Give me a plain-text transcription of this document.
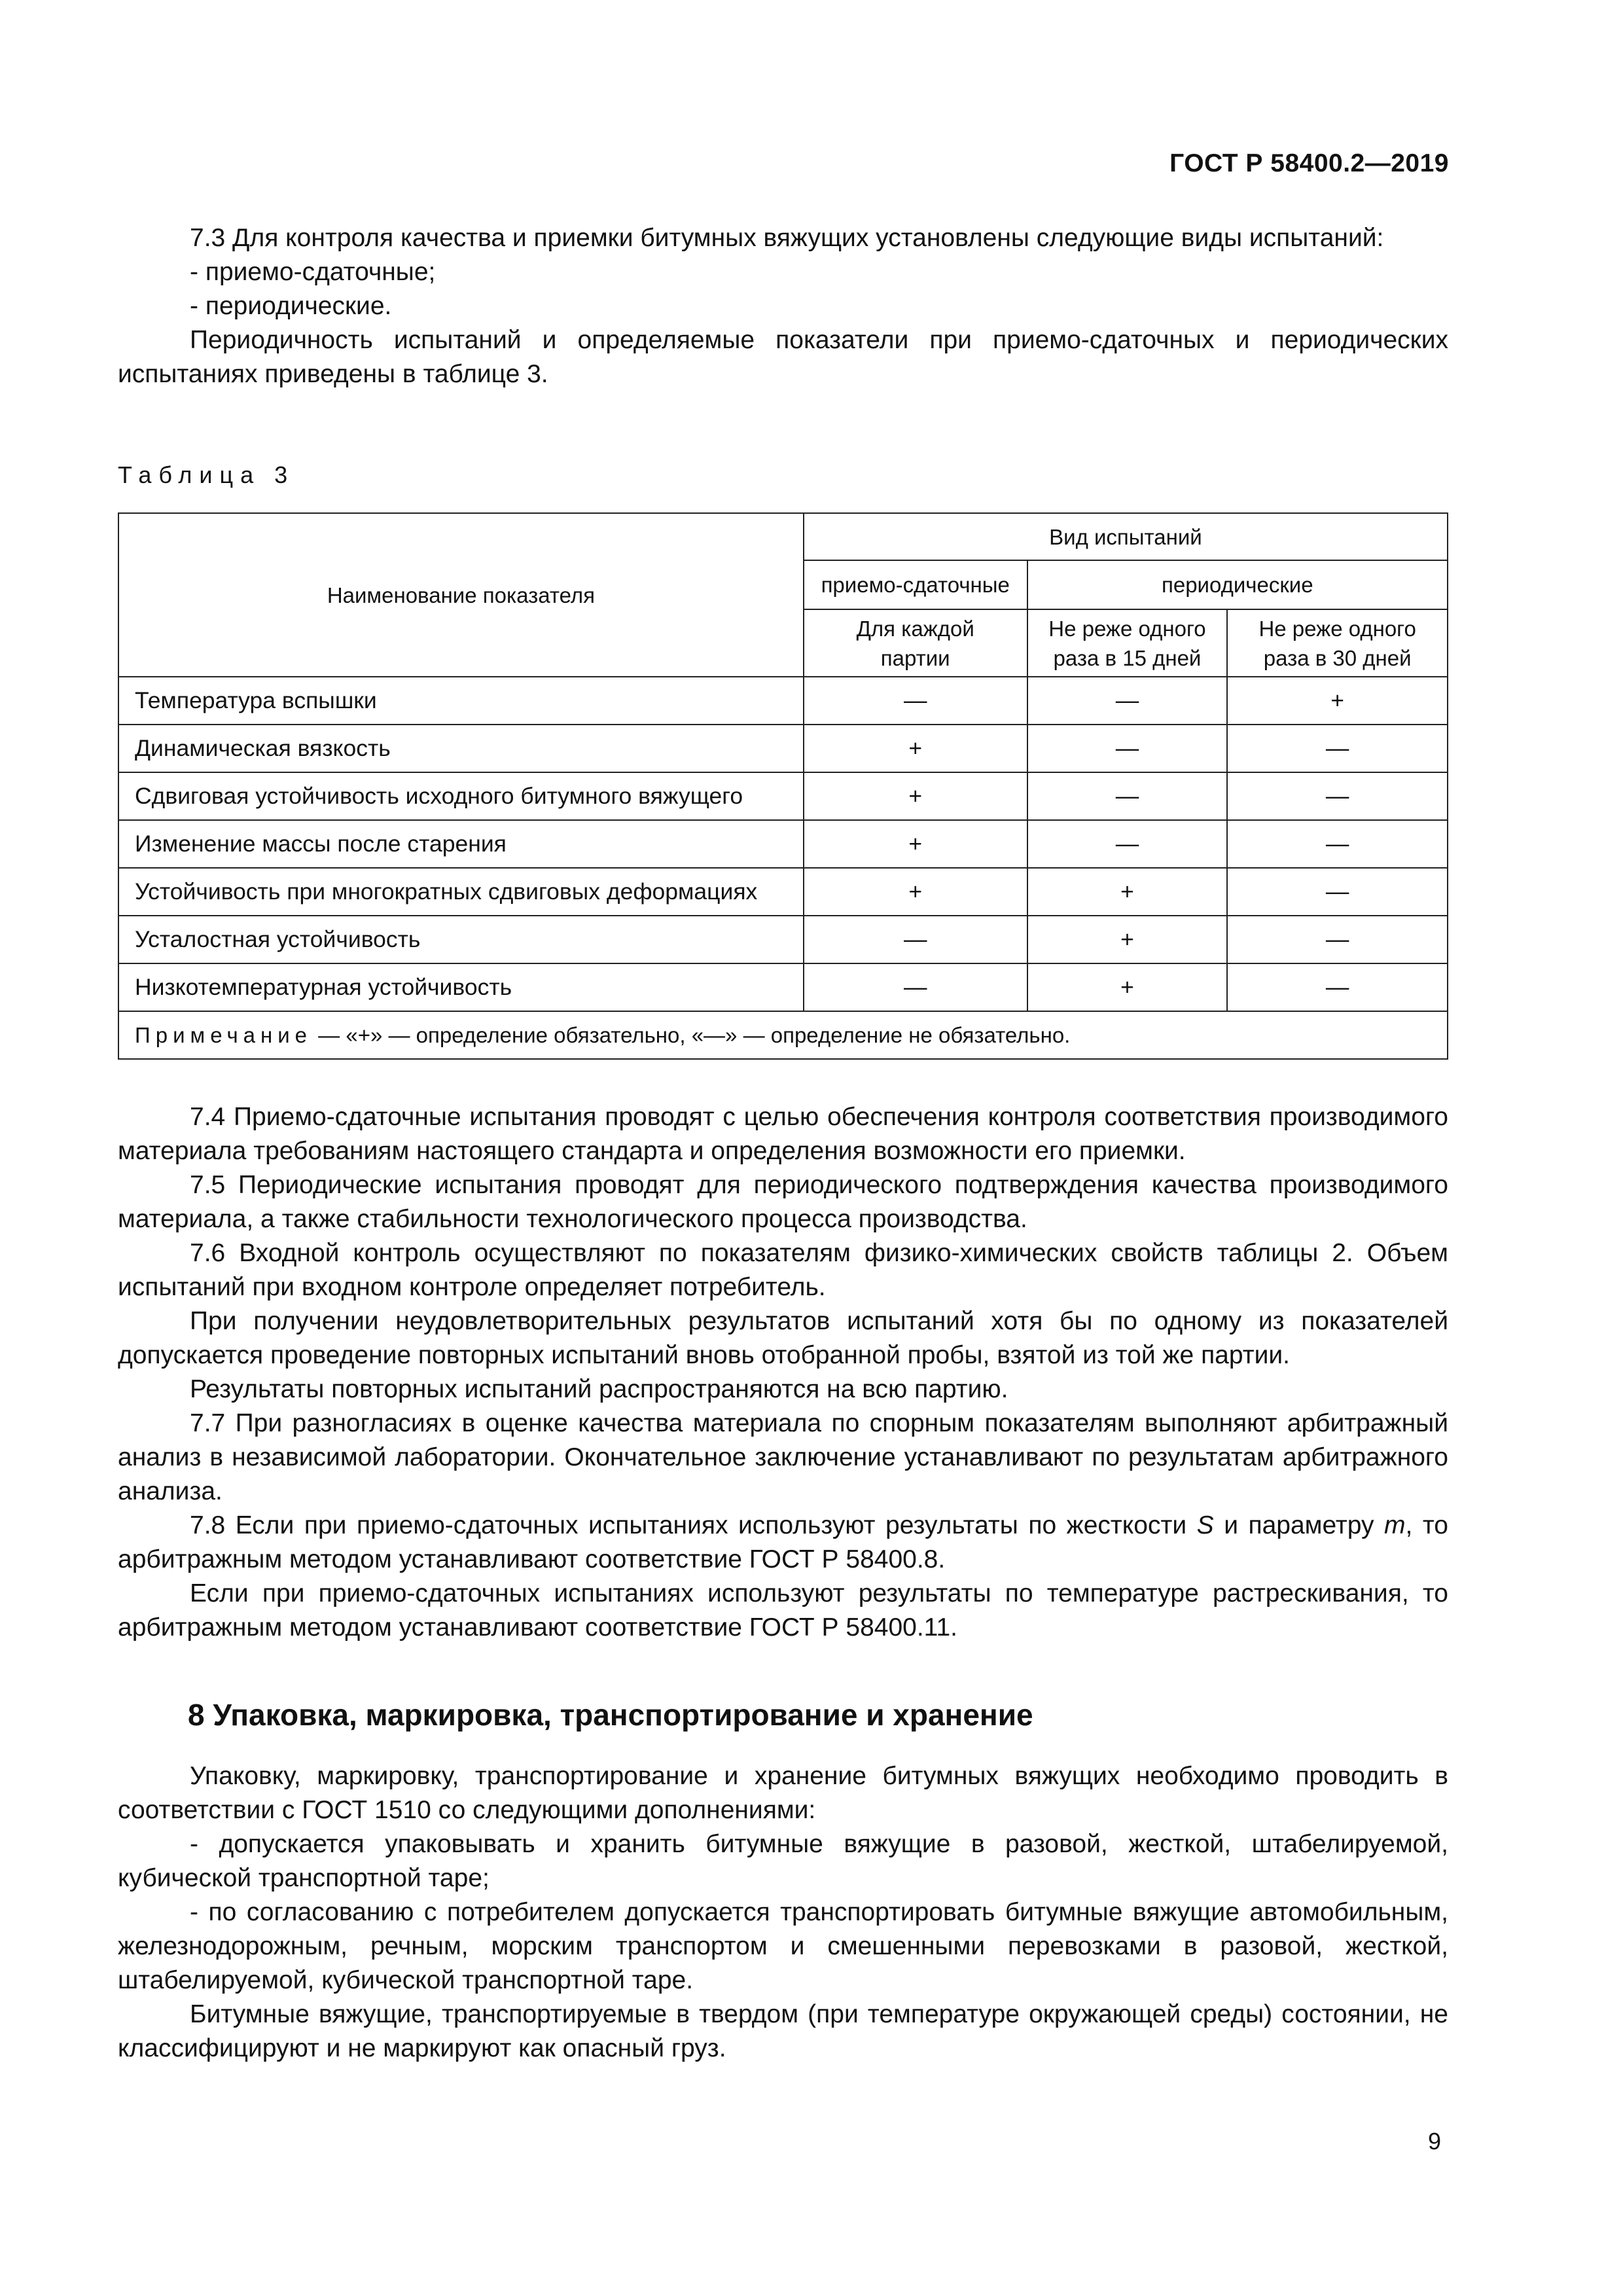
ГОСТ Р 58400.2—2019

7.3 Для контроля качества и приемки битумных вяжущих установлены следующие виды испытаний:

- приемо-сдаточные;

- периодические.

Периодичность испытаний и определяемые показатели при приемо-сдаточных и периодических испытаниях приведены в таблице 3.

Таблица 3
Наименование показателя	Вид испытаний		
	приемо-сдаточные	периодические	
	Для каждой партии	Не реже одного раза в 15 дней	Не реже одного раза в 30 дней
Температура вспышки	—	—	+
Динамическая вязкость	+	—	—
Сдвиговая устойчивость исходного битумного вяжущего	+	—	—
Изменение массы после старения	+	—	—
Устойчивость при многократных сдвиговых деформациях	+	+	—
Усталостная устойчивость	—	+	—
Низкотемпературная устойчивость	—	+	—
Примечание — «+» — определение обязательно, «—» — определение не обязательно.			

7.4 Приемо-сдаточные испытания проводят с целью обеспечения контроля соответствия производимого материала требованиям настоящего стандарта и определения возможности его приемки.

7.5 Периодические испытания проводят для периодического подтверждения качества производимого материала, а также стабильности технологического процесса производства.

7.6 Входной контроль осуществляют по показателям физико-химических свойств таблицы 2. Объем испытаний при входном контроле определяет потребитель.

При получении неудовлетворительных результатов испытаний хотя бы по одному из показателей допускается проведение повторных испытаний вновь отобранной пробы, взятой из той же партии.

Результаты повторных испытаний распространяются на всю партию.

7.7 При разногласиях в оценке качества материала по спорным показателям выполняют арбитражный анализ в независимой лаборатории. Окончательное заключение устанавливают по результатам арбитражного анализа.

7.8 Если при приемо-сдаточных испытаниях используют результаты по жесткости S и параметру m, то арбитражным методом устанавливают соответствие ГОСТ Р 58400.8.

Если при приемо-сдаточных испытаниях используют результаты по температуре растрескивания, то арбитражным методом устанавливают соответствие ГОСТ Р 58400.11.

8 Упаковка, маркировка, транспортирование и хранение

Упаковку, маркировку, транспортирование и хранение битумных вяжущих необходимо проводить в соответствии с ГОСТ 1510 со следующими дополнениями:

- допускается упаковывать и хранить битумные вяжущие в разовой, жесткой, штабелируемой, кубической транспортной таре;

- по согласованию с потребителем допускается транспортировать битумные вяжущие автомобильным, железнодорожным, речным, морским транспортом и смешенными перевозками в разовой, жесткой, штабелируемой, кубической транспортной таре.

Битумные вяжущие, транспортируемые в твердом (при температуре окружающей среды) состоянии, не классифицируют и не маркируют как опасный груз.

9
